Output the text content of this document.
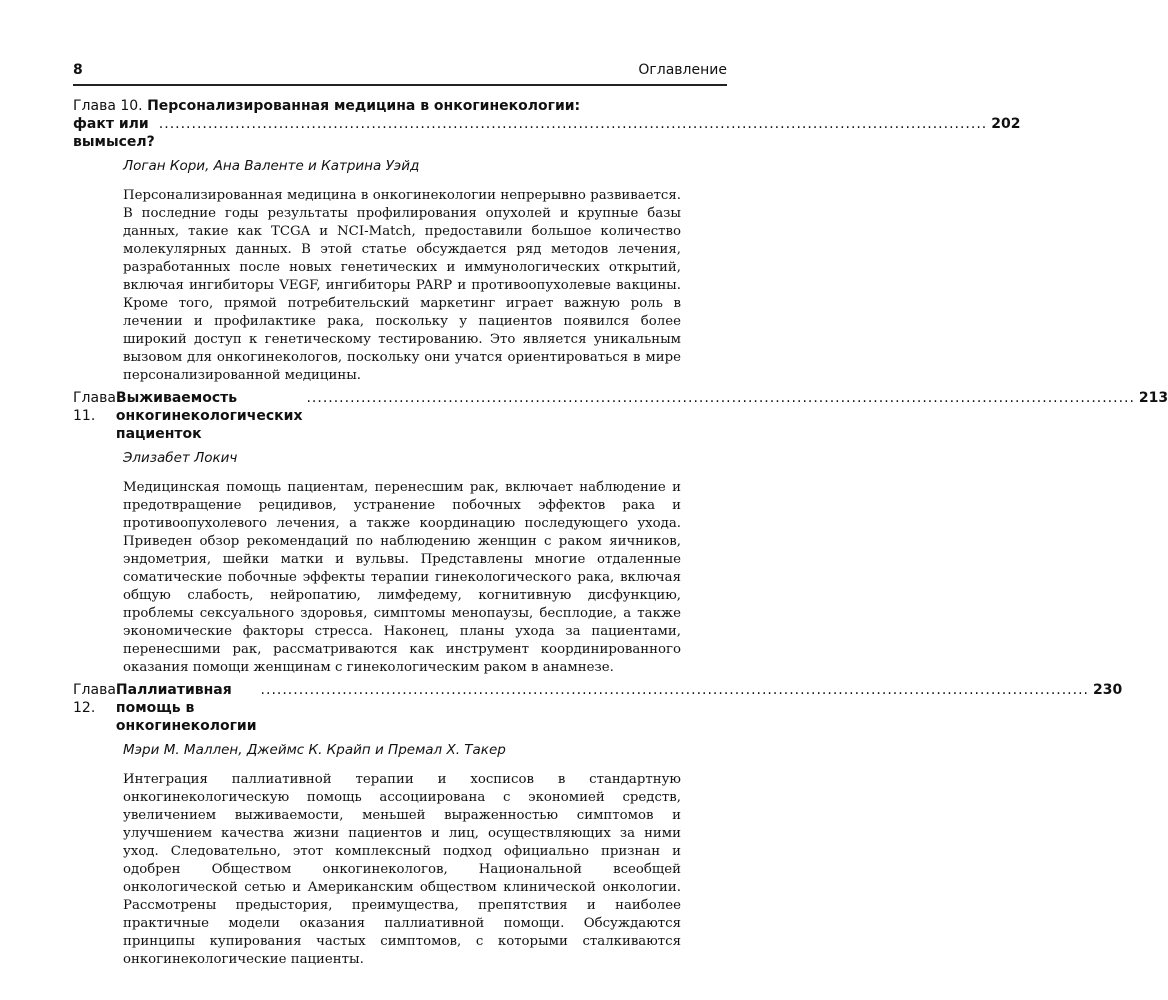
8	Оглавление
Глава 10. Персонализированная медицина в онкогинекологии:
факт или вымысел?
........................................................................................................................................................ 202
Логан Кори, Ана Валенте и Катрина Уэйд
Персонализированная медицина в онкогинекологии непрерывно развивается. В последние годы результаты профилирования опухолей и крупные базы данных, такие как TCGA и NCI-Match, предоставили большое количество молекулярных данных. В этой статье обсуждается ряд методов лечения, разработанных после новых генетических и иммунологических открытий, включая ингибиторы VEGF, ингибиторы PARP и противоопухолевые вакцины. Кроме того, прямой потребительский маркетинг играет важную роль в лечении и профилактике рака, поскольку у пациентов появился более широкий доступ к генетическому тестированию. Это является уникальным вызовом для онкогинекологов, поскольку они учатся ориентироваться в мире персонализированной медицины.
Глава 11.
Выживаемость онкогинекологических пациенток
........................................................................................................................................................ 213
Элизабет Локич
Медицинская помощь пациентам, перенесшим рак, включает наблюдение и предотвращение рецидивов, устранение побочных эффектов рака и противоопухолевого лечения, а также координацию последующего ухода. Приведен обзор рекомендаций по наблюдению женщин с раком яичников, эндометрия, шейки матки и вульвы. Представлены многие отдаленные соматические побочные эффекты терапии гинекологического рака, включая общую слабость, нейропатию, лимфедему, когнитивную дисфункцию, проблемы сексуального здоровья, симптомы менопаузы, бесплодие, а также экономические факторы стресса. Наконец, планы ухода за пациентами, перенесшими рак, рассматриваются как инструмент координированного оказания помощи женщинам с гинекологическим раком в анамнезе.
Глава 12.
Паллиативная помощь в онкогинекологии
........................................................................................................................................................ 230
Мэри М. Маллен, Джеймс К. Крайп и Премал Х. Такер
Интеграция паллиативной терапии и хосписов в стандартную онкогинекологическую помощь ассоциирована с экономией средств, увеличением выживаемости, меньшей выраженностью симптомов и улучшением качества жизни пациентов и лиц, осуществляющих за ними уход. Следовательно, этот комплексный подход официально признан и одобрен Обществом онкогинекологов, Национальной всеобщей онкологической сетью и Американским обществом клинической онкологии. Рассмотрены предыстория, преимущества, препятствия и наиболее практичные модели оказания паллиативной помощи. Обсуждаются принципы купирования частых симптомов, с которыми сталкиваются онкогинекологические пациенты.
